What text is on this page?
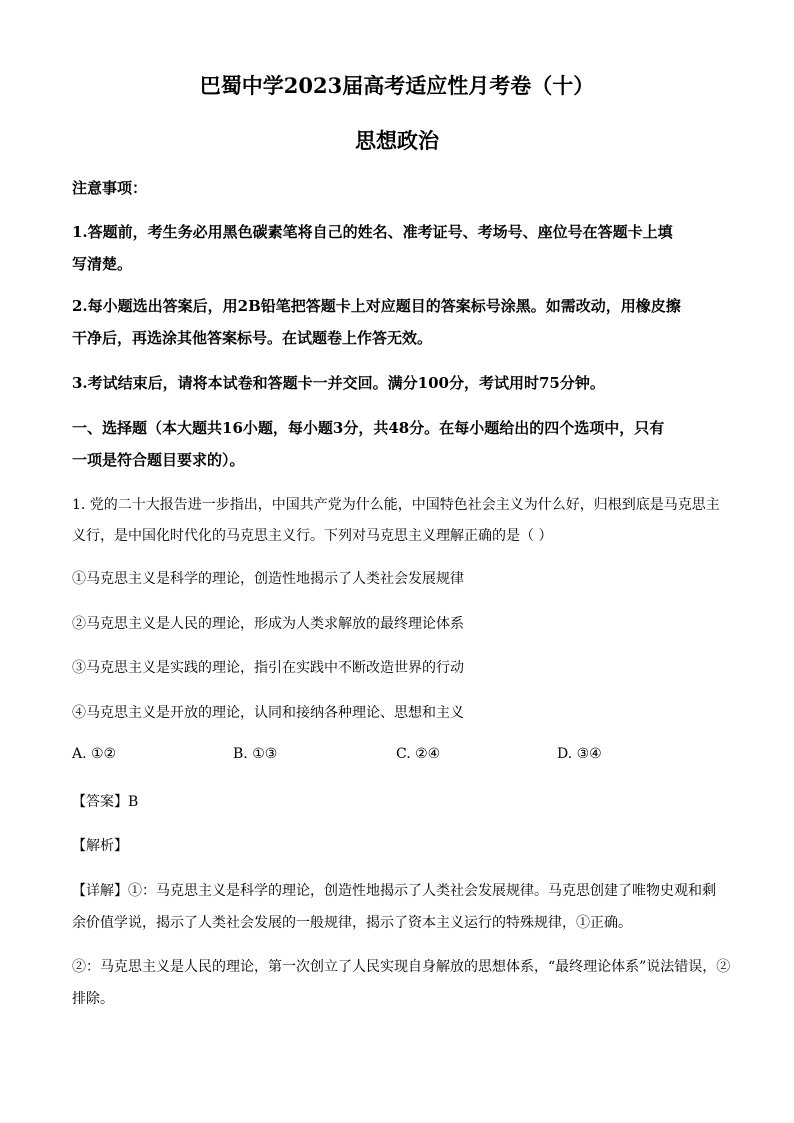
巴蜀中学2023届高考适应性月考卷（十）
思想政治
注意事项：
1.答题前，考生务必用黑色碳素笔将自己的姓名、准考证号、考场号、座位号在答题卡上填
写清楚。
2.每小题选出答案后，用2B铅笔把答题卡上对应题目的答案标号涂黑。如需改动，用橡皮擦
干净后，再选涂其他答案标号。在试题卷上作答无效。
3.考试结束后，请将本试卷和答题卡一并交回。满分100分，考试用时75分钟。
一、选择题（本大题共16小题，每小题3分，共48分。在每小题给出的四个选项中，只有
一项是符合题目要求的）。
1. 党的二十大报告进一步指出，中国共产党为什么能，中国特色社会主义为什么好，归根到底是马克思主
义行，是中国化时代化的马克思主义行。下列对马克思主义理解正确的是（ ）
①马克思主义是科学的理论，创造性地揭示了人类社会发展规律
②马克思主义是人民的理论，形成为人类求解放的最终理论体系
③马克思主义是实践的理论，指引在实践中不断改造世界的行动
④马克思主义是开放的理论，认同和接纳各种理论、思想和主义
A. ①②	B. ①③	C. ②④	D. ③④
【答案】B
【解析】
【详解】①：马克思主义是科学的理论，创造性地揭示了人类社会发展规律。马克思创建了唯物史观和剩
余价值学说，揭示了人类社会发展的一般规律，揭示了资本主义运行的特殊规律，①正确。
②：马克思主义是人民的理论，第一次创立了人民实现自身解放的思想体系，“最终理论体系”说法错误，②
排除。
